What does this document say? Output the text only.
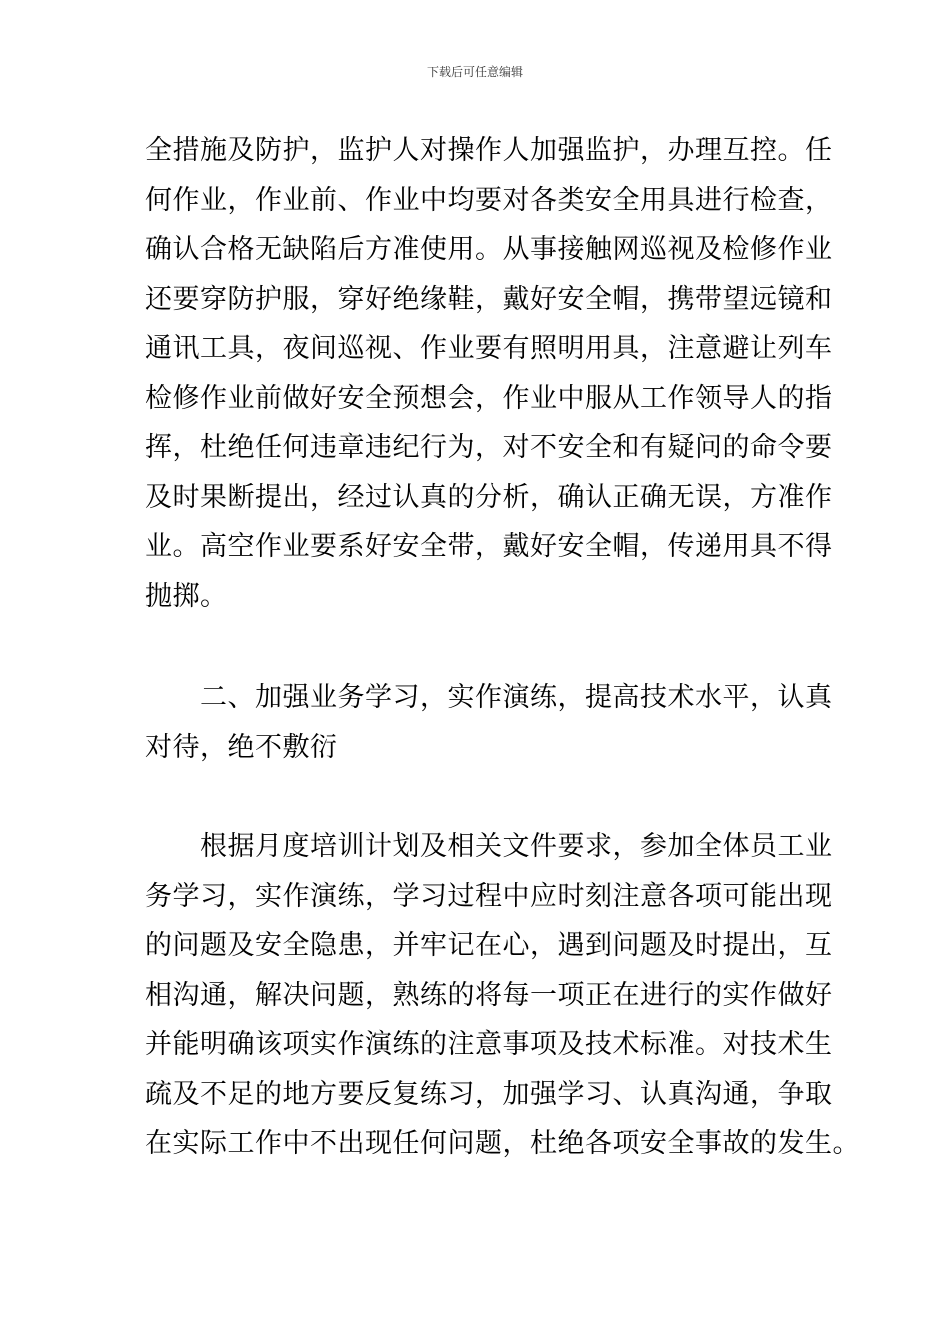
下载后可任意编辑
全措施及防护，监护人对操作人加强监护，办理互控。任
何作业，作业前、作业中均要对各类安全用具进行检查，
确认合格无缺陷后方准使用。从事接触网巡视及检修作业
还要穿防护服，穿好绝缘鞋，戴好安全帽，携带望远镜和
通讯工具，夜间巡视、作业要有照明用具，注意避让列车
检修作业前做好安全预想会，作业中服从工作领导人的指
挥，杜绝任何违章违纪行为，对不安全和有疑问的命令要
及时果断提出，经过认真的分析，确认正确无误，方准作
业。高空作业要系好安全带，戴好安全帽，传递用具不得
抛掷。
二、加强业务学习，实作演练，提高技术水平，认真
对待，绝不敷衍
根据月度培训计划及相关文件要求，参加全体员工业
务学习，实作演练，学习过程中应时刻注意各项可能出现
的问题及安全隐患，并牢记在心，遇到问题及时提出，互
相沟通，解决问题，熟练的将每一项正在进行的实作做好
并能明确该项实作演练的注意事项及技术标准。对技术生
疏及不足的地方要反复练习，加强学习、认真沟通，争取
在实际工作中不出现任何问题，杜绝各项安全事故的发生。
